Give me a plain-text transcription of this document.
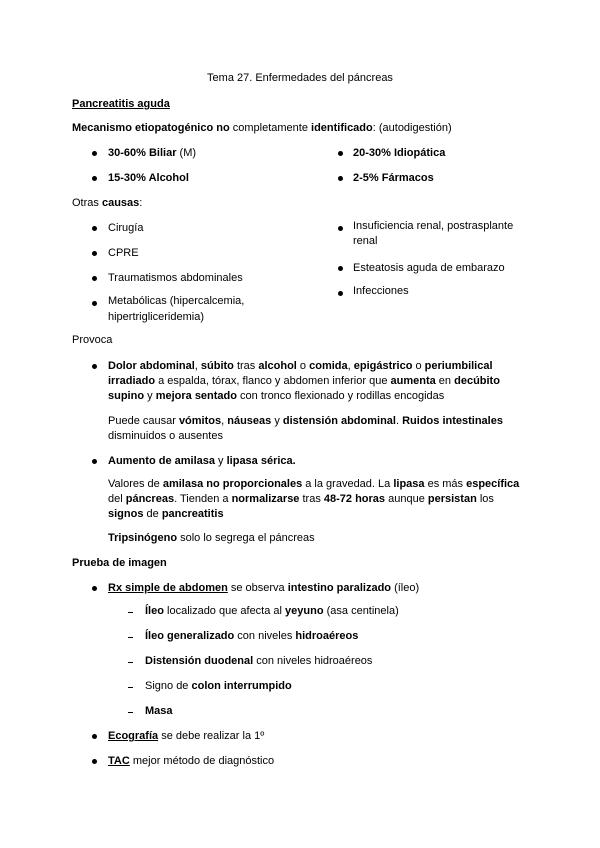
Tema 27. Enfermedades del páncreas
Pancreatitis aguda
Mecanismo etiopatogénico no completamente identificado: (autodigestión)
30-60% Biliar (M)
15-30% Alcohol
20-30% Idiopática
2-5% Fármacos
Otras causas:
Cirugía
CPRE
Traumatismos abdominales
Metabólicas (hipercalcemia, hipertrigliceridemia)
Insuficiencia renal, postrasplante renal
Esteatosis aguda de embarazo
Infecciones
Provoca
Dolor abdominal, súbito tras alcohol o comida, epigástrico o periumbilical
irradiado a espalda, tórax, flanco y abdomen inferior que aumenta en decúbito
supino y mejora sentado con tronco flexionado y rodillas encogidas
Puede causar vómitos, náuseas y distensión abdominal. Ruidos intestinales
disminuidos o ausentes
Aumento de amilasa y lipasa sérica.
Valores de amilasa no proporcionales a la gravedad. La lipasa es más específica
del páncreas. Tienden a normalizarse tras 48-72 horas aunque persistan los
signos de pancreatitis
Tripsinógeno solo lo segrega el páncreas
Prueba de imagen
Rx simple de abdomen se observa intestino paralizado (íleo)
Íleo localizado que afecta al yeyuno (asa centinela)
Íleo generalizado con niveles hidroaéreos
Distensión duodenal con niveles hidroaéreos
Signo de colon interrumpido
Masa
Ecografía se debe realizar la 1º
TAC mejor método de diagnóstico
